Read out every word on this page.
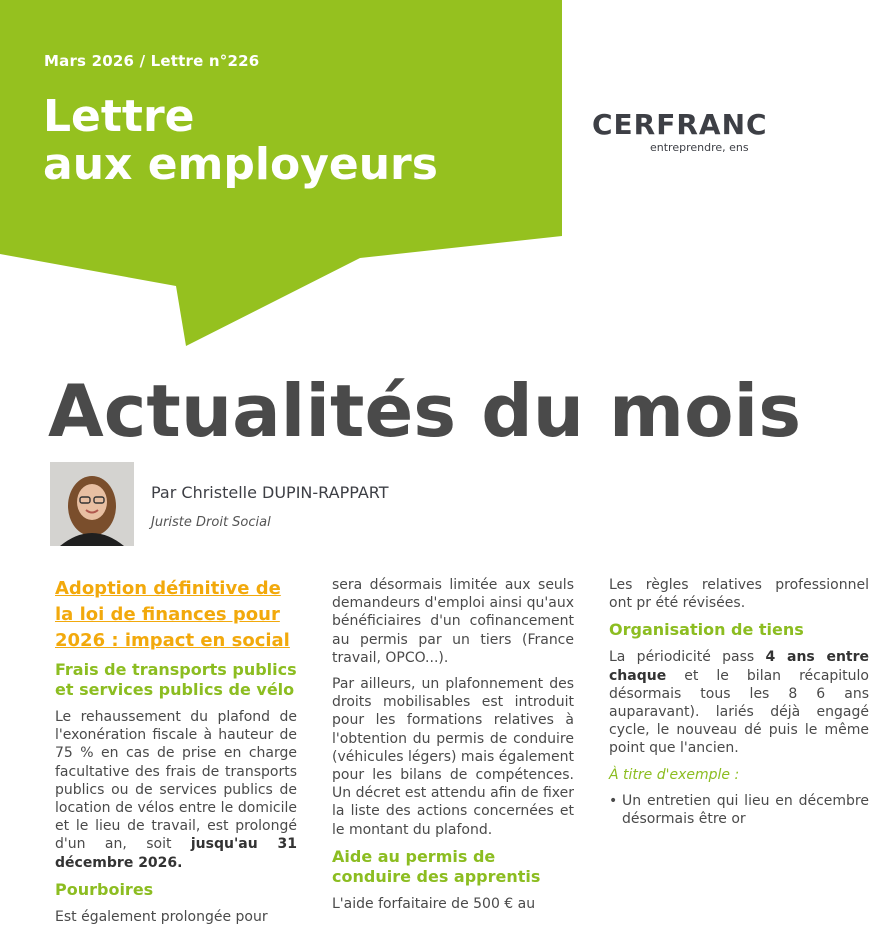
Mars 2026 / Lettre n°226

Lettre
aux employeurs
CERFRANC
entreprendre, ens
Actualités du mois

Par Christelle DUPIN-RAPPART

Juriste Droit Social

Adoption définitive de la loi de finances pour 2026 : impact en social
Frais de transports publics et services publics de vélo

Le rehaussement du plafond de l'exonération fiscale à hauteur de 75 % en cas de prise en charge facultative des frais de transports publics ou de services publics de location de vélos entre le domicile et le lieu de travail, est prolongé d'un an, soit jusqu'au 31 décembre 2026.

Pourboires

Est également prolongée pour

sera désormais limitée aux seuls demandeurs d'emploi ainsi qu'aux bénéficiaires d'un cofinancement au permis par un tiers (France travail, OPCO...).

Par ailleurs, un plafonnement des droits mobilisables est introduit pour les formations relatives à l'obtention du permis de conduire (véhicules légers) mais également pour les bilans de compétences. Un décret est attendu afin de fixer la liste des actions concernées et le montant du plafond.

Aide au permis de conduire des apprentis

L'aide forfaitaire de 500 € au

Les règles relatives professionnel ont pr été révisées.

Organisation de tiens

La périodicité pass 4 ans entre chaque et le bilan récapitulo désormais tous les 8 6 ans auparavant). lariés déjà engagé cycle, le nouveau dé puis le même point que l'ancien.

À titre d'exemple :

• Un entretien qui lieu en décembre désormais être or
